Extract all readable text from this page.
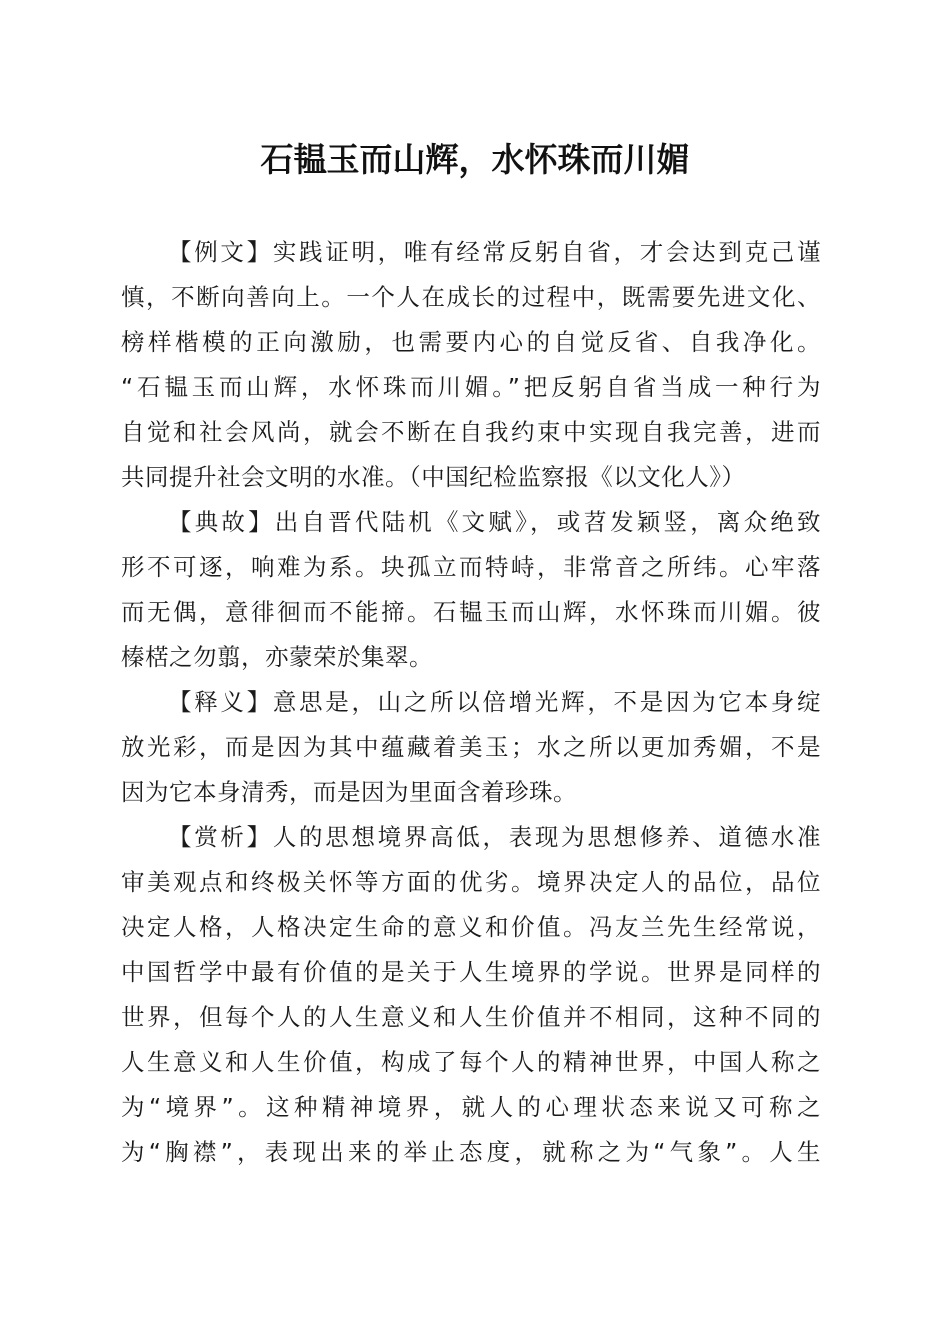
石韫玉而山辉，水怀珠而川媚
【例文】实践证明，唯有经常反躬自省，才会达到克己谨
慎，不断向善向上。一个人在成长的过程中，既需要先进文化、
榜样楷模的正向激励，也需要内心的自觉反省、自我净化。
“石韫玉而山辉，水怀珠而川媚。”把反躬自省当成一种行为
自觉和社会风尚，就会不断在自我约束中实现自我完善，进而
共同提升社会文明的水准。（中国纪检监察报《以文化人》）
【典故】出自晋代陆机《文赋》，或苕发颖竖，离众绝致
形不可逐，响难为系。块孤立而特峙，非常音之所纬。心牢落
而无偶，意徘徊而不能揥。石韫玉而山辉，水怀珠而川媚。彼
榛楛之勿翦，亦蒙荣於集翠。
【释义】意思是，山之所以倍增光辉，不是因为它本身绽
放光彩，而是因为其中蕴藏着美玉；水之所以更加秀媚，不是
因为它本身清秀，而是因为里面含着珍珠。
【赏析】人的思想境界高低，表现为思想修养、道德水准
审美观点和终极关怀等方面的优劣。境界决定人的品位，品位
决定人格，人格决定生命的意义和价值。冯友兰先生经常说，
中国哲学中最有价值的是关于人生境界的学说。世界是同样的
世界，但每个人的人生意义和人生价值并不相同，这种不同的
人生意义和人生价值，构成了每个人的精神世界，中国人称之
为“境界”。这种精神境界，就人的心理状态来说又可称之
为“胸襟”，表现出来的举止态度，就称之为“气象”。人生
